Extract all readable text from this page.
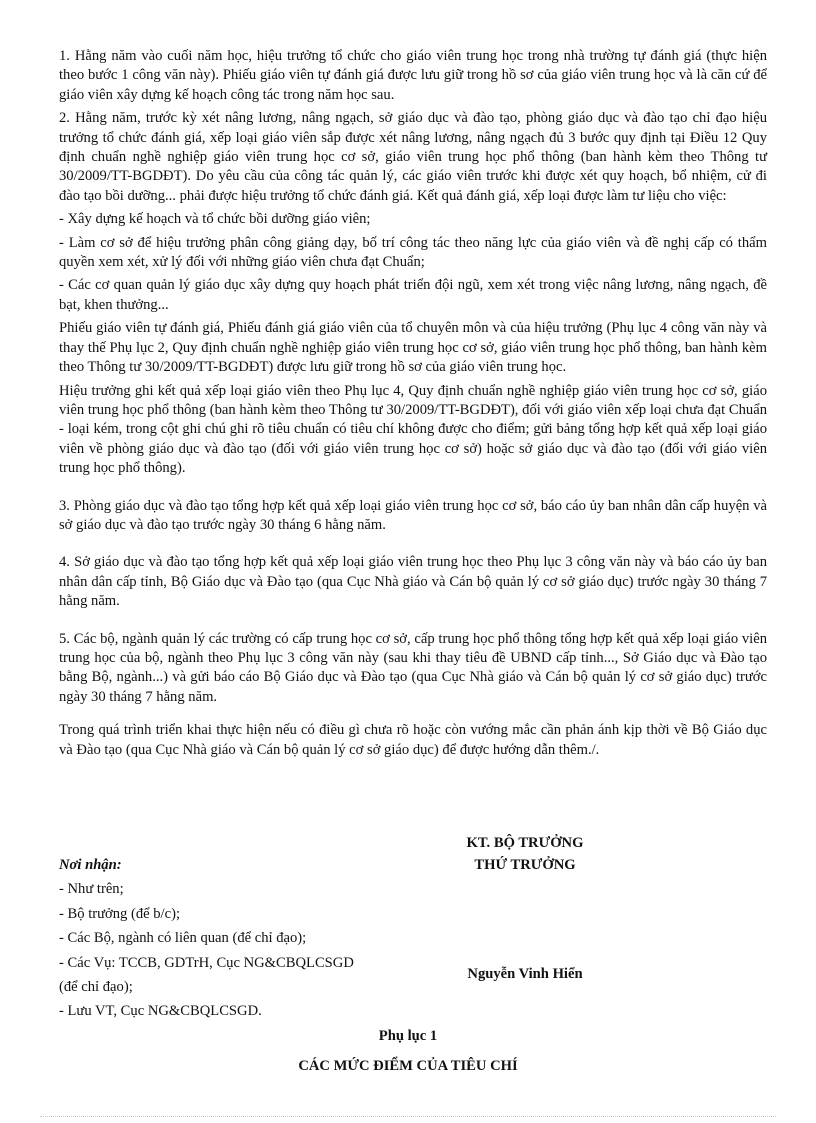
1. Hằng năm vào cuối năm học, hiệu trưởng tổ chức cho giáo viên trung học trong nhà trường tự đánh giá (thực hiện theo bước 1 công văn này). Phiếu giáo viên tự đánh giá được lưu giữ trong hồ sơ của giáo viên trung học và là căn cứ để giáo viên xây dựng kế hoạch công tác trong năm học sau.

2. Hằng năm, trước kỳ xét nâng lương, nâng ngạch, sở giáo dục và đào tạo, phòng giáo dục và đào tạo chỉ đạo hiệu trưởng tổ chức đánh giá, xếp loại giáo viên sắp được xét nâng lương, nâng ngạch đủ 3 bước quy định tại Điều 12 Quy định chuẩn nghề nghiệp giáo viên trung học cơ sở, giáo viên trung học phổ thông (ban hành kèm theo Thông tư 30/2009/TT-BGDĐT). Do yêu cầu của công tác quản lý, các giáo viên trước khi được xét quy hoạch, bổ nhiệm, cử đi đào tạo bồi dưỡng... phải được hiệu trưởng tổ chức đánh giá. Kết quả đánh giá, xếp loại được làm tư liệu cho việc:

- Xây dựng kế hoạch và tổ chức bồi dưỡng giáo viên;

- Làm cơ sở để hiệu trưởng phân công giảng dạy, bố trí công tác theo năng lực của giáo viên và đề nghị cấp có thẩm quyền xem xét, xử lý đối với những giáo viên chưa đạt Chuẩn;

- Các cơ quan quản lý giáo dục xây dựng quy hoạch phát triển đội ngũ, xem xét trong việc nâng lương, nâng ngạch, đề bạt, khen thưởng...

Phiếu giáo viên tự đánh giá, Phiếu đánh giá giáo viên của tổ chuyên môn và của hiệu trưởng (Phụ lục 4 công văn này và thay thế Phụ lục 2, Quy định chuẩn nghề nghiệp giáo viên trung học cơ sở, giáo viên trung học phổ thông, ban hành kèm theo Thông tư 30/2009/TT-BGDĐT) được lưu giữ trong hồ sơ của giáo viên trung học.

Hiệu trưởng ghi kết quả xếp loại giáo viên theo Phụ lục 4, Quy định chuẩn nghề nghiệp giáo viên trung học cơ sở, giáo viên trung học phổ thông (ban hành kèm theo Thông tư 30/2009/TT-BGDĐT), đối với giáo viên xếp loại chưa đạt Chuẩn - loại kém, trong cột ghi chú ghi rõ tiêu chuẩn có tiêu chí không được cho điểm; gửi bảng tổng hợp kết quả xếp loại giáo viên về phòng giáo dục và đào tạo (đối với giáo viên trung học cơ sở) hoặc sở giáo dục và đào tạo (đối với giáo viên trung học phổ thông).

3. Phòng giáo dục và đào tạo tổng hợp kết quả xếp loại giáo viên trung học cơ sở, báo cáo ủy ban nhân dân cấp huyện và sở giáo dục và đào tạo trước ngày 30 tháng 6 hằng năm.

4. Sở giáo dục và đào tạo tổng hợp kết quả xếp loại giáo viên trung học theo Phụ lục 3 công văn này và báo cáo ủy ban nhân dân cấp tỉnh, Bộ Giáo dục và Đào tạo (qua Cục Nhà giáo và Cán bộ quản lý cơ sở giáo dục) trước ngày 30 tháng 7 hằng năm.

5. Các bộ, ngành quản lý các trường có cấp trung học cơ sở, cấp trung học phổ thông tổng hợp kết quả xếp loại giáo viên trung học của bộ, ngành theo Phụ lục 3 công văn này (sau khi thay tiêu đề UBND cấp tỉnh..., Sở Giáo dục và Đào tạo bằng Bộ, ngành...) và gửi báo cáo Bộ Giáo dục và Đào tạo (qua Cục Nhà giáo và Cán bộ quản lý cơ sở giáo dục) trước ngày 30 tháng 7 hằng năm.

Trong quá trình triển khai thực hiện nếu có điều gì chưa rõ hoặc còn vướng mắc cần phản ánh kịp thời về Bộ Giáo dục và Đào tạo (qua Cục Nhà giáo và Cán bộ quản lý cơ sở giáo dục) để được hướng dẫn thêm./.

KT. BỘ TRƯỞNG
THỨ TRƯỞNG
Nguyễn Vinh Hiển
Nơi nhận:
- Như trên;
- Bộ trưởng (để b/c);
- Các Bộ, ngành có liên quan (để chỉ đạo);
- Các Vụ: TCCB, GDTrH, Cục NG&CBQLCSGD (để chỉ đạo);
- Lưu VT, Cục NG&CBQLCSGD.
Phụ lục 1
CÁC MỨC ĐIỂM CỦA TIÊU CHÍ
